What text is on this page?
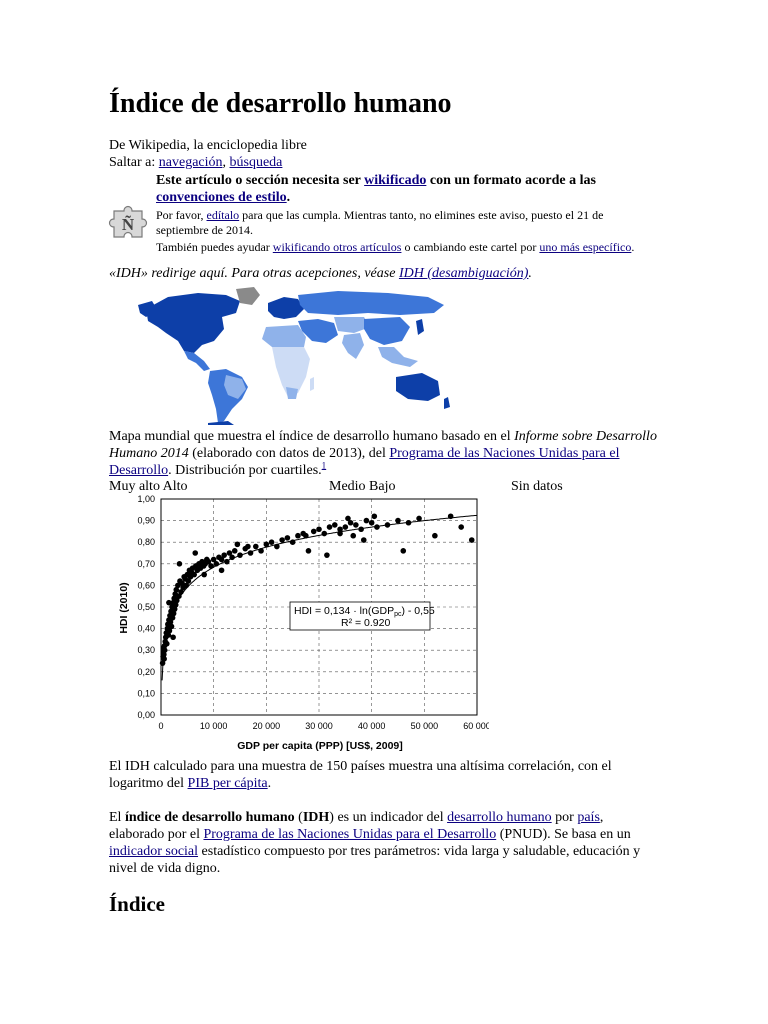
Índice de desarrollo humano
De Wikipedia, la enciclopedia libre
Saltar a: navegación, búsqueda
Ñ
Este artículo o sección necesita ser wikificado con un formato acorde a las convenciones de estilo.
Por favor, edítalo para que las cumpla. Mientras tanto, no elimines este aviso, puesto el 21 de septiembre de 2014.
También puedes ayudar wikificando otros artículos o cambiando este cartel por uno más específico.
«IDH» redirige aquí. Para otras acepciones, véase IDH (desambiguación).
Mapa mundial que muestra el índice de desarrollo humano basado en el Informe sobre Desarrollo Humano 2014 (elaborado con datos de 2013), del Programa de las Naciones Unidas para el Desarrollo. Distribución por cuartiles.$^1$
Muy alto Alto	Medio Bajo	Sin datos
0	10 000	20 000	30 000	40 000	50 000	60 000
0,00
0,10
0,20
0,30
0,40
0,50
0,60
0,70
0,80
0,90
1,00
HDI = 0,134 · ln(GDPpc) - 0,55
R² = 0.920
GDP per capita (PPP) [US$, 2009]
HDI (2010)
El IDH calculado para una muestra de 150 países muestra una altísima correlación, con el logaritmo del PIB per cápita.
El índice de desarrollo humano (IDH) es un indicador del desarrollo humano por país, elaborado por el Programa de las Naciones Unidas para el Desarrollo (PNUD). Se basa en un indicador social estadístico compuesto por tres parámetros: vida larga y saludable, educación y nivel de vida digno.
Índice
